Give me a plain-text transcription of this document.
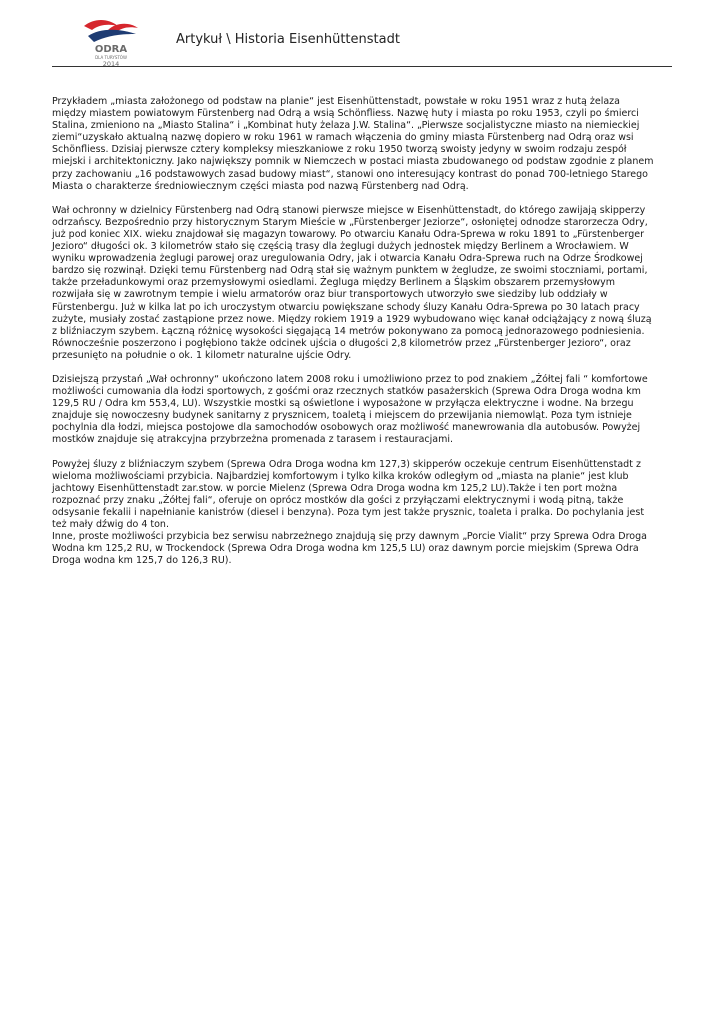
ODRA
DLA TURYSTÓW
2014
Artykuł \ Historia Eisenhüttenstadt

Przykładem „miasta założonego od podstaw na planie“ jest Eisenhüttenstadt, powstałe w roku 1951 wraz z hutą żelaza
między miastem powiatowym Fürstenberg nad Odrą a wsią Schönfliess. Nazwę huty i miasta po roku 1953, czyli po śmierci
Stalina, zmieniono na „Miasto Stalina“ i „Kombinat huty żelaza J.W. Stalina“. „Pierwsze socjalistyczne miasto na niemieckiej
ziemi“uzyskało aktualną nazwę dopiero w roku 1961 w ramach włączenia do gminy miasta Fürstenberg nad Odrą oraz wsi
Schönfliess. Dzisiaj pierwsze cztery kompleksy mieszkaniowe z roku 1950 tworzą swoisty jedyny w swoim rodzaju zespół
miejski i architektoniczny. Jako największy pomnik w Niemczech w postaci miasta zbudowanego od podstaw zgodnie z planem
przy zachowaniu „16 podstawowych zasad budowy miast“, stanowi ono interesujący kontrast do ponad 700-letniego Starego
Miasta o charakterze średniowiecznym części miasta pod nazwą Fürstenberg nad Odrą.

Wał ochronny w dzielnicy Fürstenberg nad Odrą stanowi pierwsze miejsce w Eisenhüttenstadt, do którego zawijają skipperzy
odrzańscy. Bezpośrednio przy historycznym Starym Mieście w „Fürstenberger Jeziorze“, osłoniętej odnodze starorzecza Odry,
już pod koniec XIX. wieku znajdował się magazyn towarowy. Po otwarciu Kanału Odra-Sprewa w roku 1891 to „Fürstenberger
Jezioro“ długości ok. 3 kilometrów stało się częścią trasy dla żeglugi dużych jednostek między Berlinem a Wrocławiem. W
wyniku wprowadzenia żeglugi parowej oraz uregulowania Odry, jak i otwarcia Kanału Odra-Sprewa ruch na Odrze Środkowej
bardzo się rozwinął. Dzięki temu Fürstenberg nad Odrą stał się ważnym punktem w żegludze, ze swoimi stoczniami, portami,
także przeładunkowymi oraz przemysłowymi osiedlami. Żegluga między Berlinem a Śląskim obszarem przemysłowym
rozwijała się w zawrotnym tempie i wielu armatorów oraz biur transportowych utworzyło swe siedziby lub oddziały w
Fürstenbergu. Już w kilka lat po ich uroczystym otwarciu powiększane schody śluzy Kanału Odra-Sprewa po 30 latach pracy
zużyte, musiały zostać zastąpione przez nowe. Między rokiem 1919 a 1929 wybudowano więc kanał odciążający z nową śluzą
z bliźniaczym szybem. Łączną różnicę wysokości sięgającą 14 metrów pokonywano za pomocą jednorazowego podniesienia.
Równocześnie poszerzono i pogłębiono także odcinek ujścia o długości 2,8 kilometrów przez „Fürstenberger Jezioro“, oraz
przesunięto na południe o ok. 1 kilometr naturalne ujście Odry.

Dzisiejszą przystań „Wał ochronny“ ukończono latem 2008 roku i umożliwiono przez to pod znakiem „Żółtej fali “ komfortowe
możliwości cumowania dla łodzi sportowych, z gośćmi oraz rzecznych statków pasażerskich (Sprewa Odra Droga wodna km
129,5 RU / Odra km 553,4, LU). Wszystkie mostki są oświetlone i wyposażone w przyłącza elektryczne i wodne. Na brzegu
znajduje się nowoczesny budynek sanitarny z prysznicem, toaletą i miejscem do przewijania niemowląt. Poza tym istnieje
pochylnia dla łodzi, miejsca postojowe dla samochodów osobowych oraz możliwość manewrowania dla autobusów. Powyżej
mostków znajduje się atrakcyjna przybrzeżna promenada z tarasem i restauracjami.

Powyżej śluzy z bliźniaczym szybem (Sprewa Odra Droga wodna km 127,3) skipperów oczekuje centrum Eisenhüttenstadt z
wieloma możliwościami przybicia. Najbardziej komfortowym i tylko kilka kroków odległym od „miasta na planie“ jest klub
jachtowy Eisenhüttenstadt zar.stow. w porcie Mielenz (Sprewa Odra Droga wodna km 125,2 LU).Także i ten port można
rozpoznać przy znaku „Żółtej fali“, oferuje on oprócz mostków dla gości z przyłączami elektrycznymi i wodą pitną, także
odsysanie fekalii i napełnianie kanistrów (diesel i benzyna). Poza tym jest także prysznic, toaleta i pralka. Do pochylania jest
też mały dźwig do 4 ton.

Inne, proste możliwości przybicia bez serwisu nabrzeżnego znajdują się przy dawnym „Porcie Vialit“ przy Sprewa Odra Droga
Wodna km 125,2 RU, w Trockendock (Sprewa Odra Droga wodna km 125,5 LU) oraz dawnym porcie miejskim (Sprewa Odra
Droga wodna km 125,7 do 126,3 RU).
